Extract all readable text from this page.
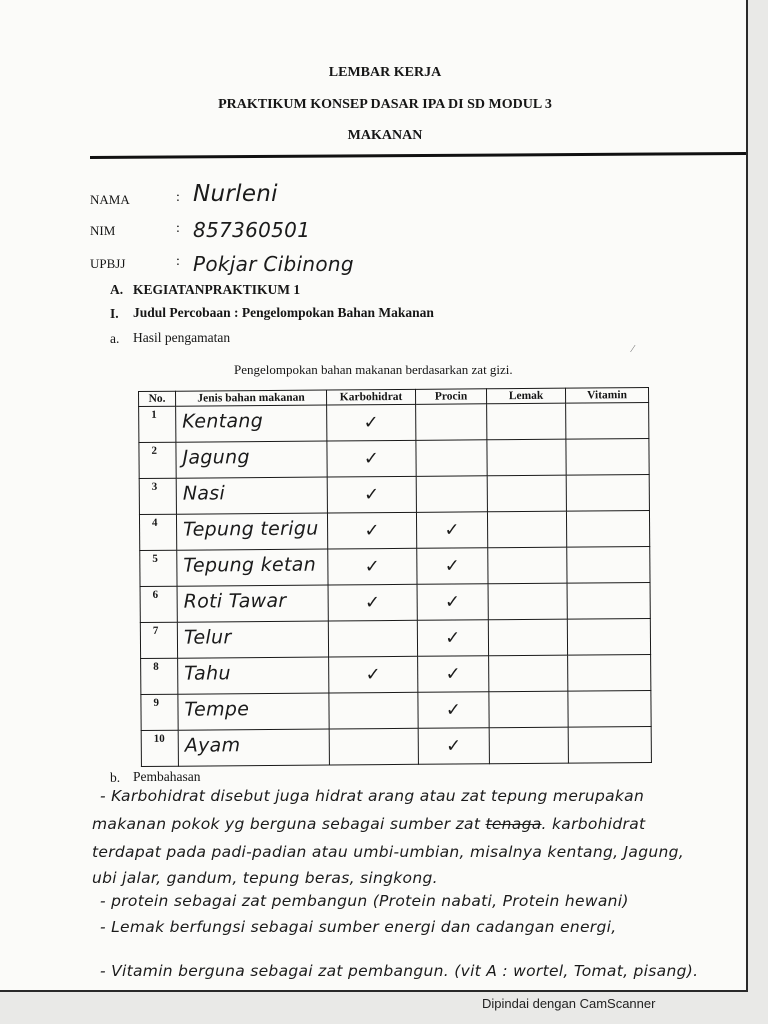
LEMBAR KERJA
PRAKTIKUM KONSEP DASAR IPA DI SD MODUL 3
MAKANAN
NAMA	: Nurleni
NIM	: 857360501
UPBJJ	: Pokjar Cibinong
A. KEGIATANPRAKTIKUM 1
I. Judul Percobaan : Pengelompokan Bahan Makanan
a. Hasil pengamatan
⁄
Pengelompokan bahan makanan berdasarkan zat gizi.
No.	Jenis bahan makanan	Karbohidrat	Procin	Lemak	Vitamin
1	Kentang	✓			
2	Jagung	✓			
3	Nasi	✓			
4	Tepung terigu	✓	✓		
5	Tepung ketan	✓	✓		
6	Roti Tawar	✓	✓		
7	Telur		✓		
8	Tahu	✓	✓		
9	Tempe		✓		
10	Ayam		✓		
b. Pembahasan
- Karbohidrat disebut juga hidrat arang atau zat tepung merupakan
makanan pokok yg berguna sebagai sumber zat tenaga. karbohidrat
terdapat pada padi-padian atau umbi-umbian, misalnya kentang, Jagung,
ubi jalar, gandum, tepung beras, singkong.
- protein sebagai zat pembangun (Protein nabati, Protein hewani)
- Lemak berfungsi sebagai sumber energi dan cadangan energi,
- Vitamin berguna sebagai zat pembangun. (vit A : wortel, Tomat, pisang).
Dipindai dengan CamScanner
